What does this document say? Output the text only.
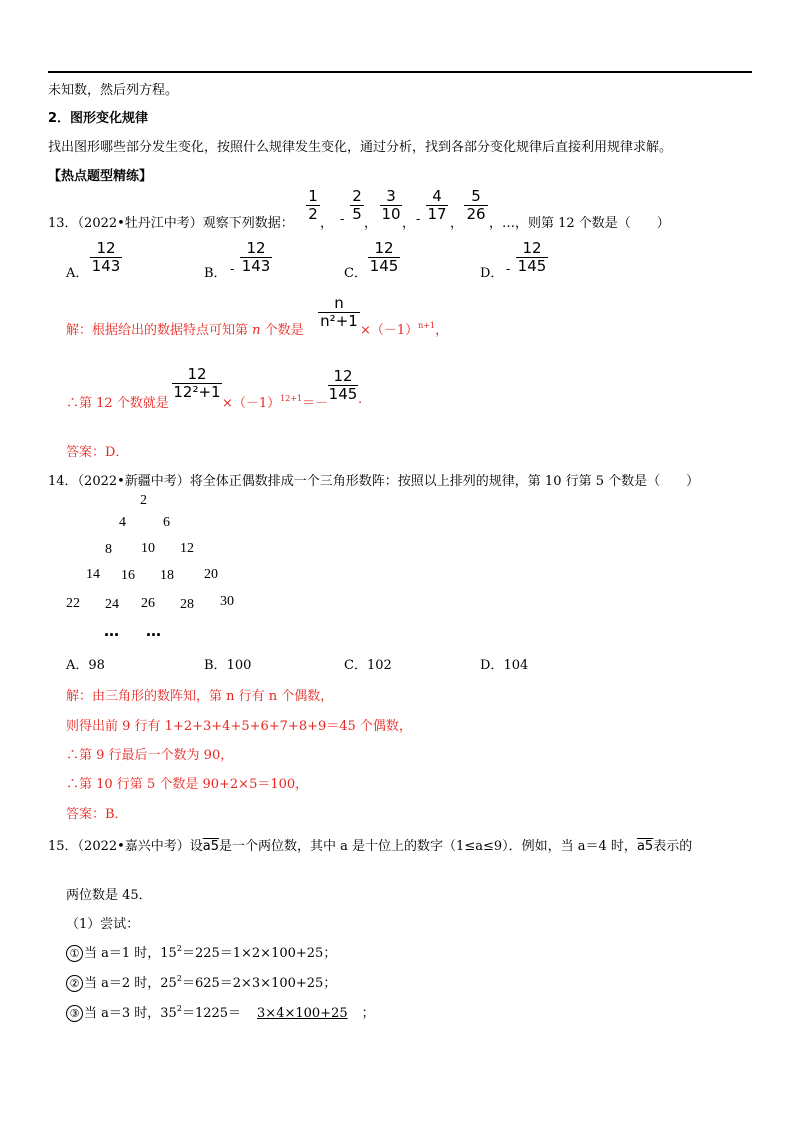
未知数，然后列方程。
2．图形变化规律
找出图形哪些部分发生变化，按照什么规律发生变化，通过分析，找到各部分变化规律后直接利用规律求解。
【热点题型精练】
13．（2022•牡丹江中考）观察下列数据：
1
2
， -
2
5
，
3
10
， -
4
17
，
5
26
，…，则第 12 个数是（　　）
A．
12
143	B． -
12
143	C．
12
145	D． -
12
145
解：根据给出的数据特点可知第 n 个数是
n
n²+1
$\times(-1)^{n+1}$，
∴第 12 个数就是
12
12²+1
$\times(-1)^{12+1}=-$
12
145 .
答案：D．
14．（2022•新疆中考）将全体正偶数排成一个三角形数阵：按照以上排列的规律，第 10 行第 5 个数是（　　）
2
4	6
8 10 12
14 16 18 20
22 24 26 28 30
… …
A．98	B．100	C．102	D．104
解：由三角形的数阵知，第 n 行有 n 个偶数，
则得出前 9 行有 1+2+3+4+5+6+7+8+9＝45 个偶数，
∴第 9 行最后一个数为 90，
∴第 10 行第 5 个数是 90+2×5＝100，
答案：B．
15．（2022•嘉兴中考）设a5是一个两位数，其中 a 是十位上的数字（1≤a≤9）．例如，当 a＝4 时，a5表示的
两位数是 45．
（1）尝试：
① 当 a＝1 时，$15^2=225=1\times 2\times 100+25$；
② 当 a＝2 时，$25^2=625=2\times 3\times 100+25$；
③ 当 a＝3 时，$35^2=1225= 3\times 4\times 100+25$ ；
